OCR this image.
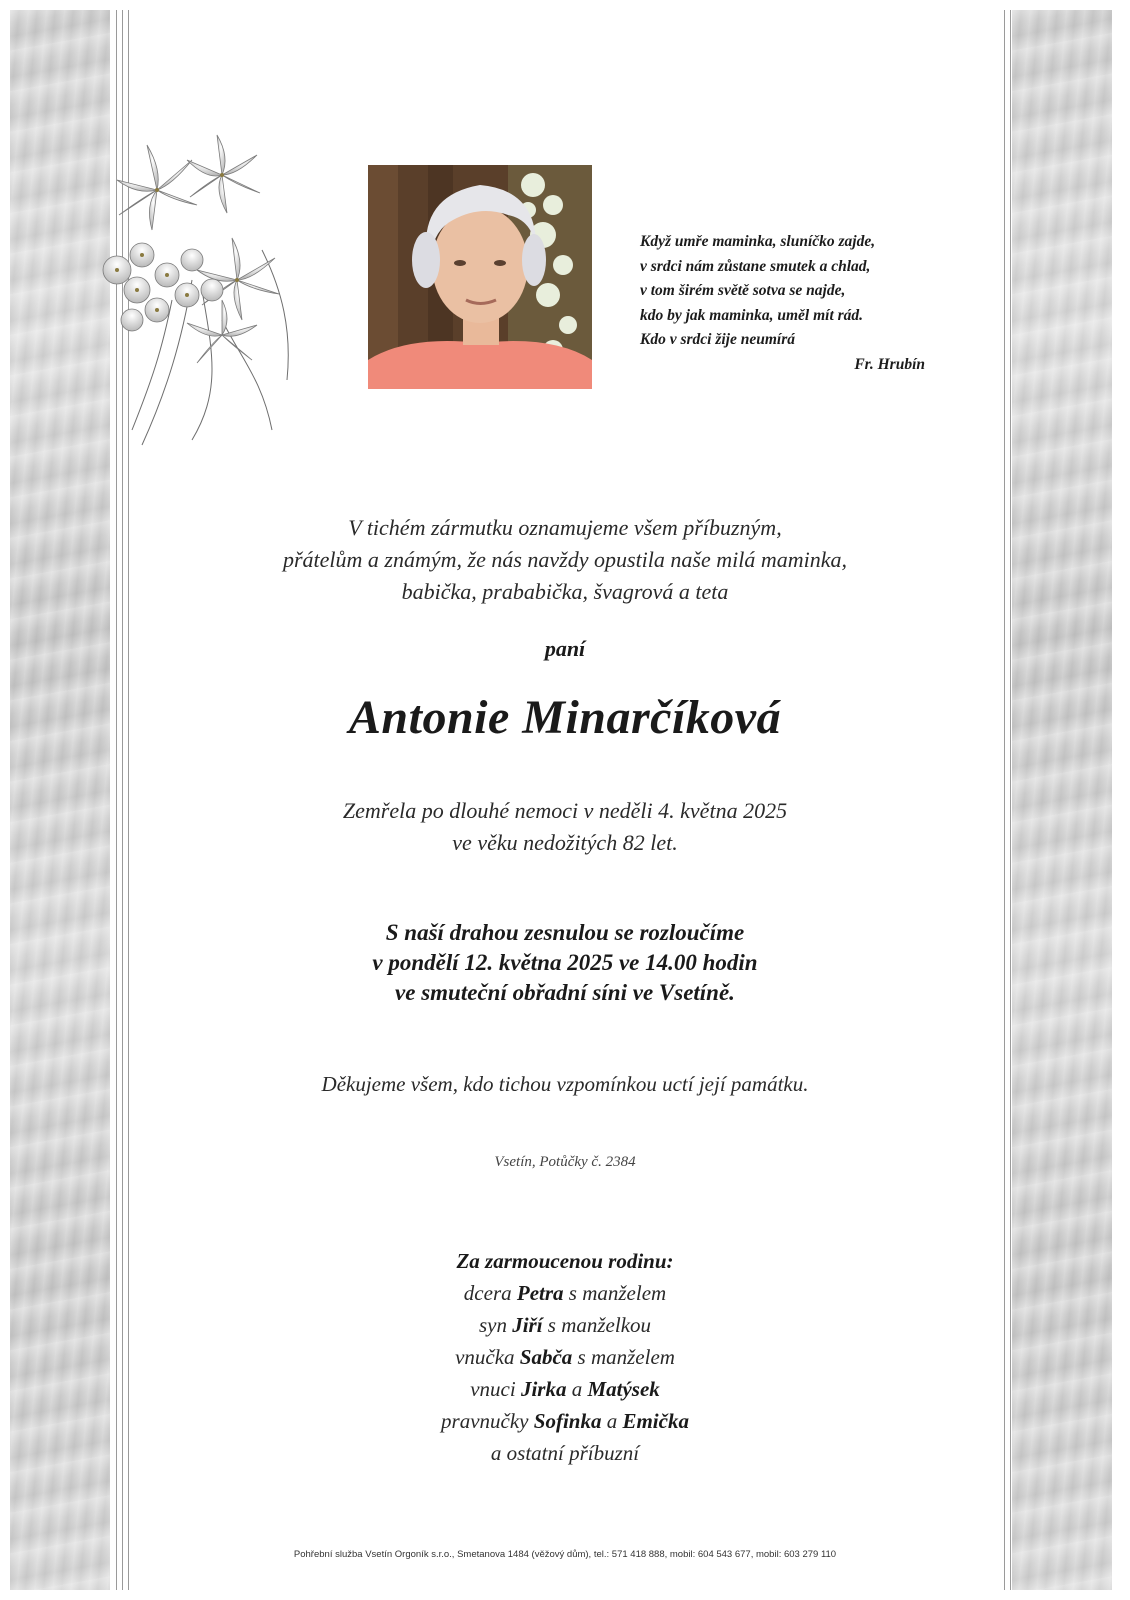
Když umře maminka, sluníčko zajde,
v srdci nám zůstane smutek a chlad,
v tom širém světě sotva se najde,
kdo by jak maminka, uměl mít rád.
Kdo v srdci žije neumírá
Fr. Hrubín
V tichém zármutku oznamujeme všem příbuzným,
přátelům a známým, že nás navždy opustila naše milá maminka,
babička, prababička, švagrová a teta
paní
Antonie Minarčíková
Zemřela po dlouhé nemoci v neděli 4. května 2025
ve věku nedožitých 82 let.
S naší drahou zesnulou se rozloučíme
v pondělí 12. května 2025 ve 14.00 hodin
ve smuteční obřadní síni ve Vsetíně.
Děkujeme všem, kdo tichou vzpomínkou uctí její památku.
Vsetín, Potůčky č. 2384
Za zarmoucenou rodinu:
dcera Petra s manželem
syn Jiří s manželkou
vnučka Sabča s manželem
vnuci Jirka a Matýsek
pravnučky Sofinka a Emička
a ostatní příbuzní
Pohřební služba Vsetín Orgoník s.r.o., Smetanova 1484 (věžový dům), tel.: 571 418 888, mobil: 604 543 677, mobil: 603 279 110
